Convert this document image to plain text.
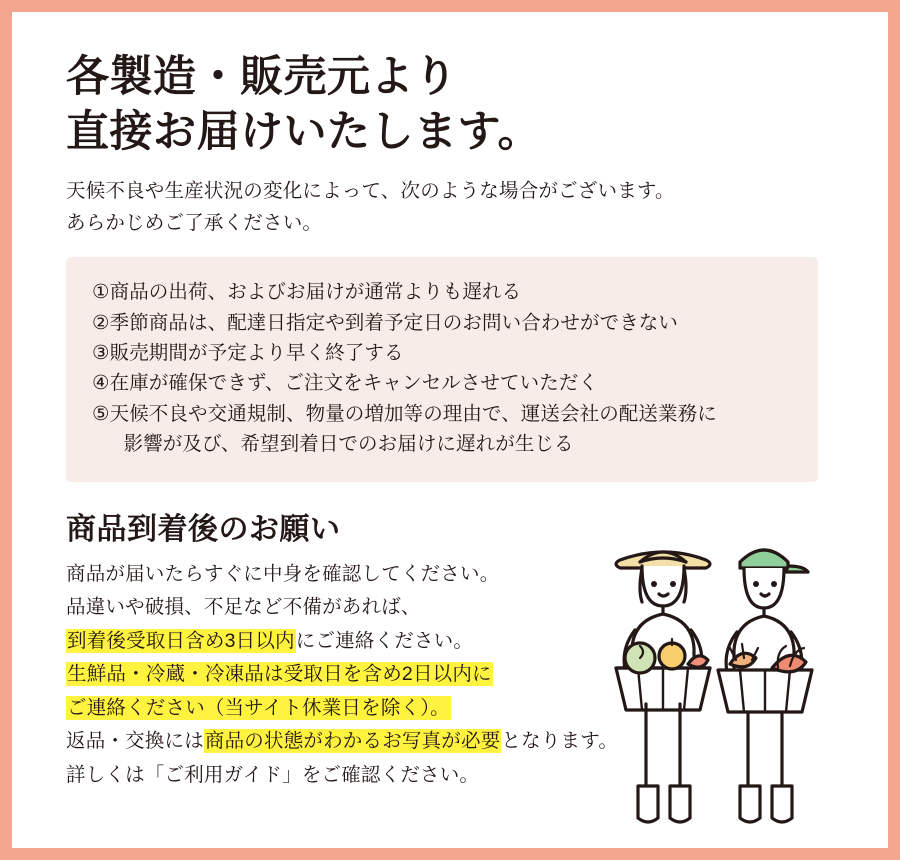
各製造・販売元より
直接お届けいたします。

天候不良や生産状況の変化によって、次のような場合がございます。
あらかじめご了承ください。

① 商品の出荷、およびお届けが通常よりも遅れる

② 季節商品は、配達日指定や到着予定日のお問い合わせができない

③ 販売期間が予定より早く終了する

④ 在庫が確保できず、ご注文をキャンセルさせていただく

⑤ 天候不良や交通規制、物量の増加等の理由で、運送会社の配送業務に
影響が及び、希望到着日でのお届けに遅れが生じる

商品到着後のお願い
商品が届いたらすぐに中身を確認してください。
品違いや破損、不足など不備があれば、
到着後受取日含め3日以内にご連絡ください。
生鮮品・冷蔵・冷凍品は受取日を含め2日以内に
ご連絡ください（当サイト休業日を除く）。
返品・交換には商品の状態がわかるお写真が必要となります。
詳しくは「ご利用ガイド」をご確認ください。
